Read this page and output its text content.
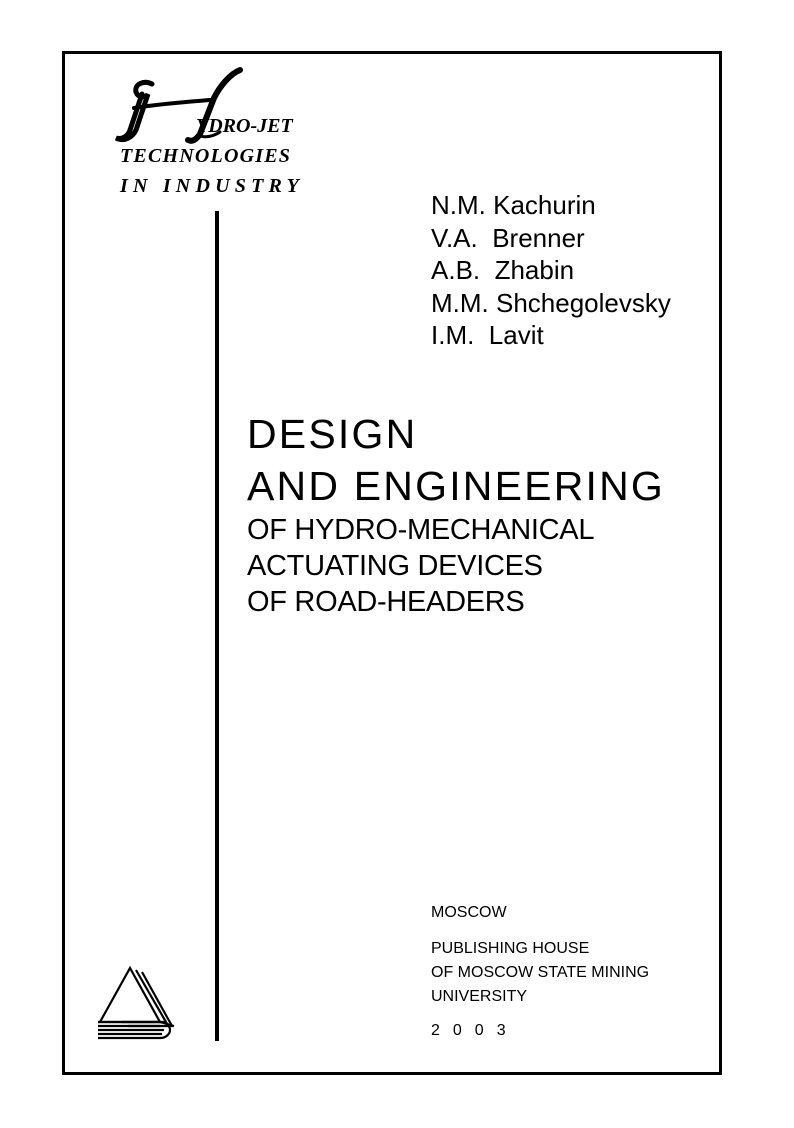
YDRO-JET
TECHNOLOGIES
IN INDUSTRY
N.M. Kachurin
V.A.  Brenner
A.B.  Zhabin
M.M. Shchegolevsky
I.M.  Lavit
DESIGN
AND ENGINEERING
OF HYDRO-MECHANICAL
ACTUATING DEVICES
OF ROAD-HEADERS
MOSCOW
PUBLISHING HOUSE
OF MOSCOW STATE MINING
UNIVERSITY
2003
